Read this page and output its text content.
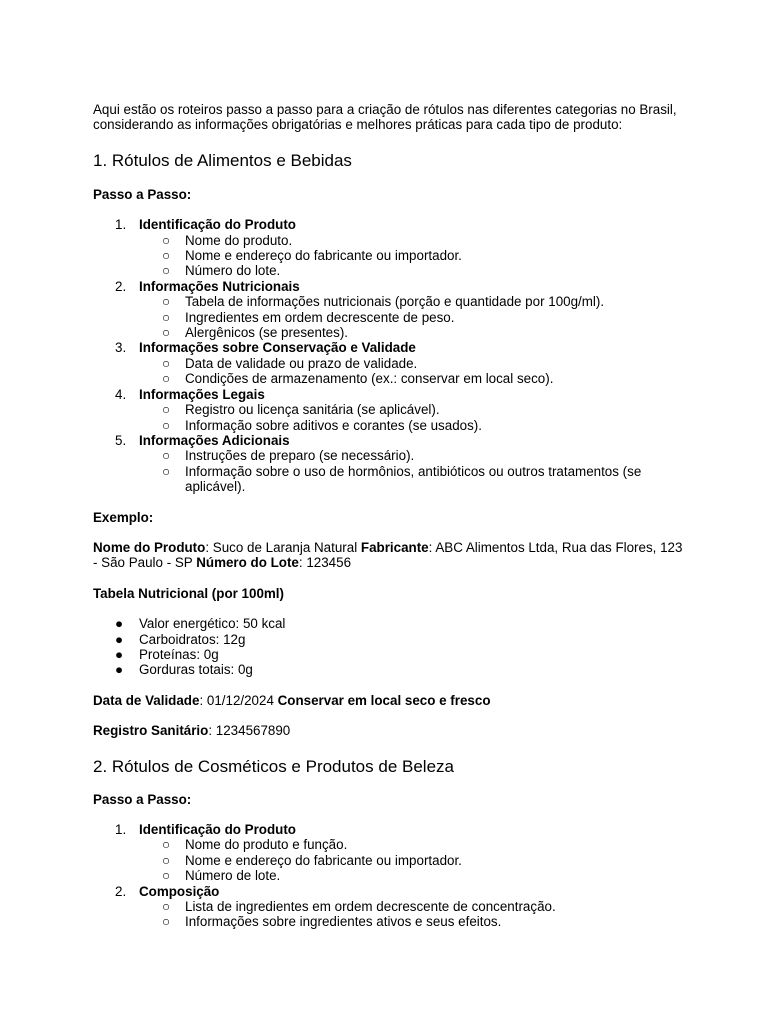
Aqui estão os roteiros passo a passo para a criação de rótulos nas diferentes categorias no Brasil, considerando as informações obrigatórias e melhores práticas para cada tipo de produto:

1. Rótulos de Alimentos e Bebidas

Passo a Passo:

1. Identificação do Produto
○ Nome do produto.
○ Nome e endereço do fabricante ou importador.
○ Número do lote.
2. Informações Nutricionais
○ Tabela de informações nutricionais (porção e quantidade por 100g/ml).
○ Ingredientes em ordem decrescente de peso.
○ Alergênicos (se presentes).
3. Informações sobre Conservação e Validade
○ Data de validade ou prazo de validade.
○ Condições de armazenamento (ex.: conservar em local seco).
4. Informações Legais
○ Registro ou licença sanitária (se aplicável).
○ Informação sobre aditivos e corantes (se usados).
5. Informações Adicionais
○ Instruções de preparo (se necessário).
○ Informação sobre o uso de hormônios, antibióticos ou outros tratamentos (se aplicável).

Exemplo:

Nome do Produto: Suco de Laranja Natural Fabricante: ABC Alimentos Ltda, Rua das Flores, 123 - São Paulo - SP Número do Lote: 123456

Tabela Nutricional (por 100ml)

● Valor energético: 50 kcal
● Carboidratos: 12g
● Proteínas: 0g
● Gorduras totais: 0g

Data de Validade: 01/12/2024 Conservar em local seco e fresco

Registro Sanitário: 1234567890

2. Rótulos de Cosméticos e Produtos de Beleza

Passo a Passo:

1. Identificação do Produto
○ Nome do produto e função.
○ Nome e endereço do fabricante ou importador.
○ Número de lote.
2. Composição
○ Lista de ingredientes em ordem decrescente de concentração.
○ Informações sobre ingredientes ativos e seus efeitos.
